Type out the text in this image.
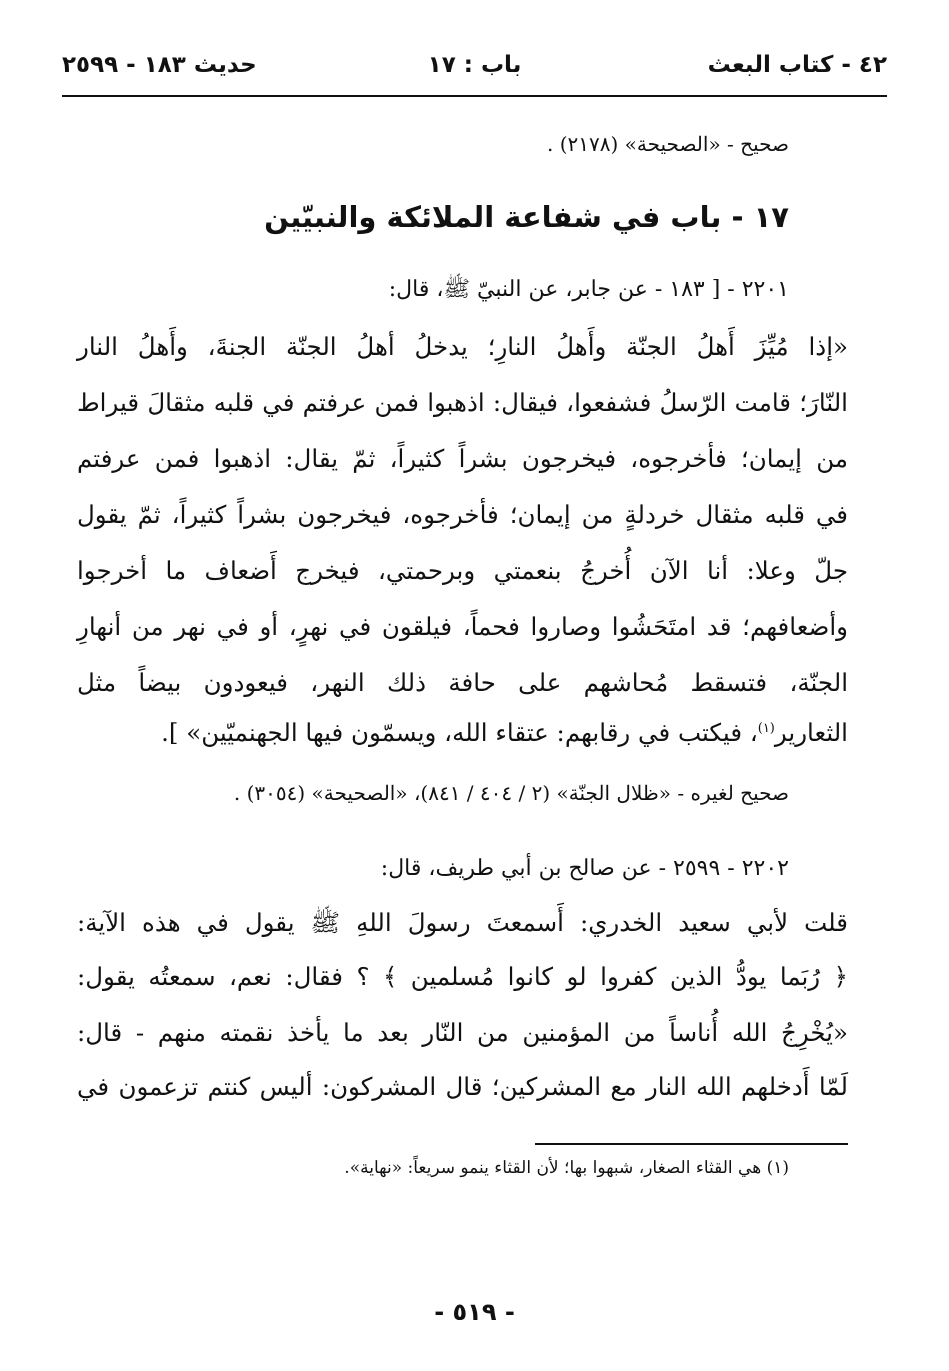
٤٢ - كتاب البعث
باب : ١٧
حديث ١٨٣ - ٢٥٩٩
صحيح - «الصحيحة» (٢١٧٨) .
١٧ - باب في شفاعة الملائكة والنبيّين
٢٢٠١ - [ ١٨٣ - عن جابر، عن النبيّ ﷺ، قال:
«إذا مُيِّزَ أَهلُ الجنّة وأَهلُ النارِ؛ يدخلُ أهلُ الجنّة الجنةَ، وأَهلُ النار
النّارَ؛ قامت الرّسلُ فشفعوا، فيقال: اذهبوا فمن عرفتم في قلبه مثقالَ قيراط
من إيمان؛ فأخرجوه، فيخرجون بشراً كثيراً، ثمّ يقال: اذهبوا فمن عرفتم
في قلبه مثقال خردلةٍ من إيمان؛ فأخرجوه، فيخرجون بشراً كثيراً، ثمّ يقول
جلّ وعلا: أنا الآن أُخرجُ بنعمتي وبرحمتي، فيخرج أَضعاف ما أخرجوا
وأضعافهم؛ قد امتَحَشُوا وصاروا فحماً، فيلقون في نهرٍ، أو في نهر من أنهارِ
الجنّة، فتسقط مُحاشهم على حافة ذلك النهر، فيعودون بيضاً مثل
الثعارير$^{(١)}$، فيكتب في رقابهم: عتقاء الله، ويسمّون فيها الجهنميّين» ].
صحيح لغيره - «ظلال الجنّة» (٢ / ٤٠٤ / ٨٤١)، «الصحيحة» (٣٠٥٤) .
٢٢٠٢ - ٢٥٩٩ - عن صالح بن أبي طريف، قال:
قلت لأبي سعيد الخدري: أَسمعتَ رسولَ اللهِ ﷺ يقول في هذه الآية:
﴿ رُبَما يودُّ الذين كفروا لو كانوا مُسلمين ﴾ ؟ فقال: نعم، سمعتُه يقول:
«يُخْرِجُ الله أُناساً من المؤمنين من النّار بعد ما يأخذ نقمته منهم - قال:
لَمّا أَدخلهم الله النار مع المشركين؛ قال المشركون: أليس كنتم تزعمون في
(١) هي القثاء الصغار، شبهوا بها؛ لأن القثاء ينمو سريعاً: «نهاية».
- ٥١٩ -
